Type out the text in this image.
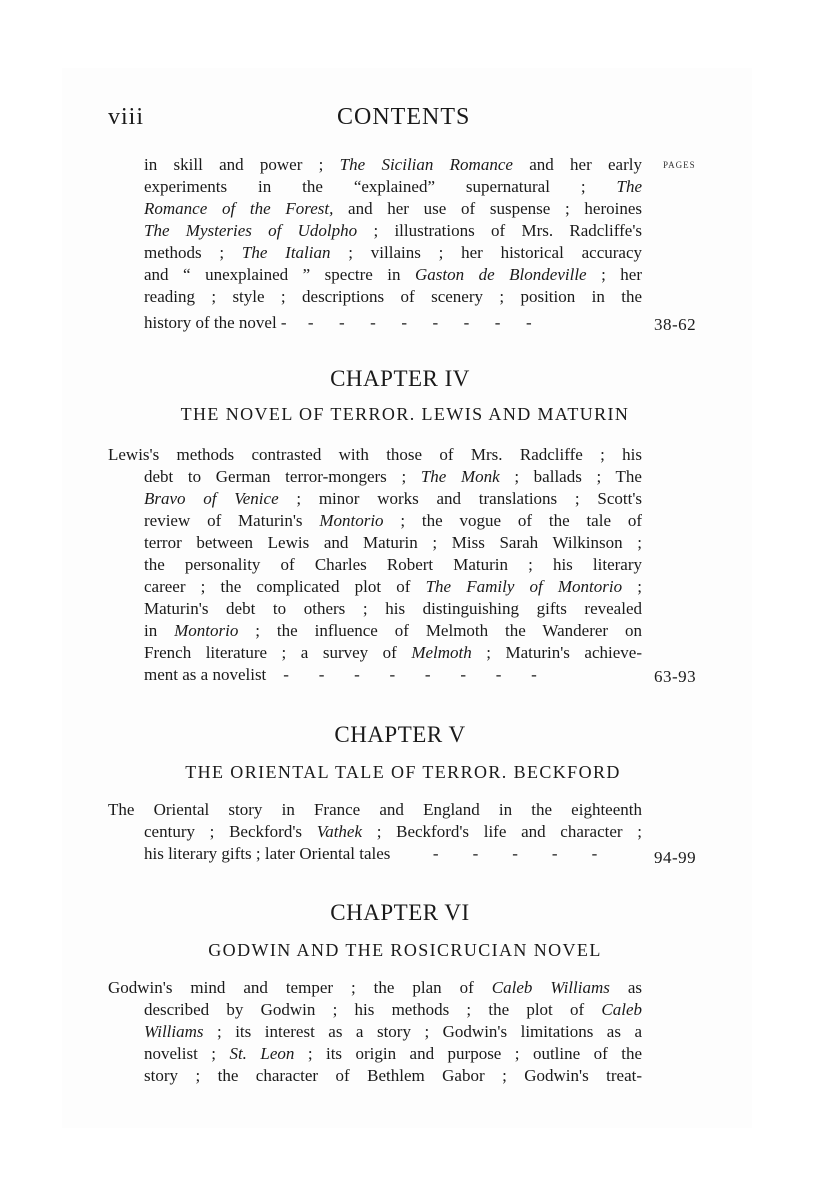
viii	CONTENTS
PAGES
in skill and power ; The Sicilian Romance and her early
experiments in the “explained” supernatural ; The
Romance of the Forest, and her use of suspense ; heroines
The Mysteries of Udolpho ; illustrations of Mrs. Radcliffe's
methods ; The Italian ; villains ; her historical accuracy
and “ unexplained ” spectre in Gaston de Blondeville ; her
reading ; style ; descriptions of scenery ; position in the
history of the novel -     -      -      -      -      -      -      -      -	38-62
CHAPTER IV
THE NOVEL OF TERROR. LEWIS AND MATURIN
Lewis's methods contrasted with those of Mrs. Radcliffe ; his
debt to German terror-mongers ; The Monk ; ballads ; The
Bravo of Venice ; minor works and translations ; Scott's
review of Maturin's Montorio ; the vogue of the tale of
terror between Lewis and Maturin ; Miss Sarah Wilkinson ;
the personality of Charles Robert Maturin ; his literary
career ; the complicated plot of The Family of Montorio ;
Maturin's debt to others ; his distinguishing gifts revealed
in Montorio ; the influence of Melmoth the Wanderer on
French literature ; a survey of Melmoth ; Maturin's achieve-
ment as a novelist    -       -       -       -       -       -       -       -	63-93
CHAPTER V
THE ORIENTAL TALE OF TERROR. BECKFORD
The Oriental story in France and England in the eighteenth
century ; Beckford's Vathek ; Beckford's life and character ;
his literary gifts ; later Oriental tales          -        -        -        -        -	94-99
CHAPTER VI
GODWIN AND THE ROSICRUCIAN NOVEL
Godwin's mind and temper ; the plan of Caleb Williams as
described by Godwin ; his methods ; the plot of Caleb
Williams ; its interest as a story ; Godwin's limitations as a
novelist ; St. Leon ; its origin and purpose ; outline of the
story ; the character of Bethlem Gabor ; Godwin's treat-
